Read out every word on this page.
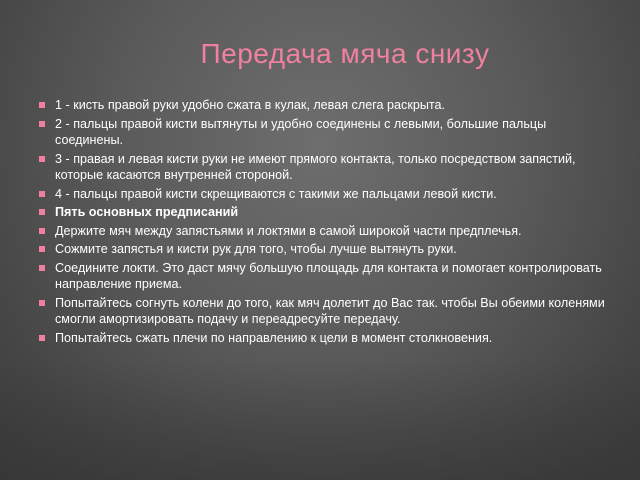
Передача мяча снизу
1 - кисть правой руки удобно сжата в кулак, левая слега раскрыта.
2 - пальцы правой кисти вытянуты и удобно соединены с левыми, большие пальцы соединены.
3 - правая и левая кисти руки не имеют прямого контакта, только посредством запястий, которые касаются внутренней стороной.
4 - пальцы правой кисти скрещиваются с такими же пальцами левой кисти.
Пять основных предписаний
Держите мяч между запястьями и локтями в самой широкой части предплечья.
Сожмите запястья и кисти рук для того, чтобы лучше вытянуть руки.
Соедините локти. Это даст мячу большую площадь для контакта и помогает контролировать направление приема.
Попытайтесь согнуть колени до того, как мяч долетит до Вас так. чтобы Вы обеими коленями смогли амортизировать подачу и переадресуйте передачу.
Попытайтесь сжать плечи по направлению к цели в момент столкновения.
